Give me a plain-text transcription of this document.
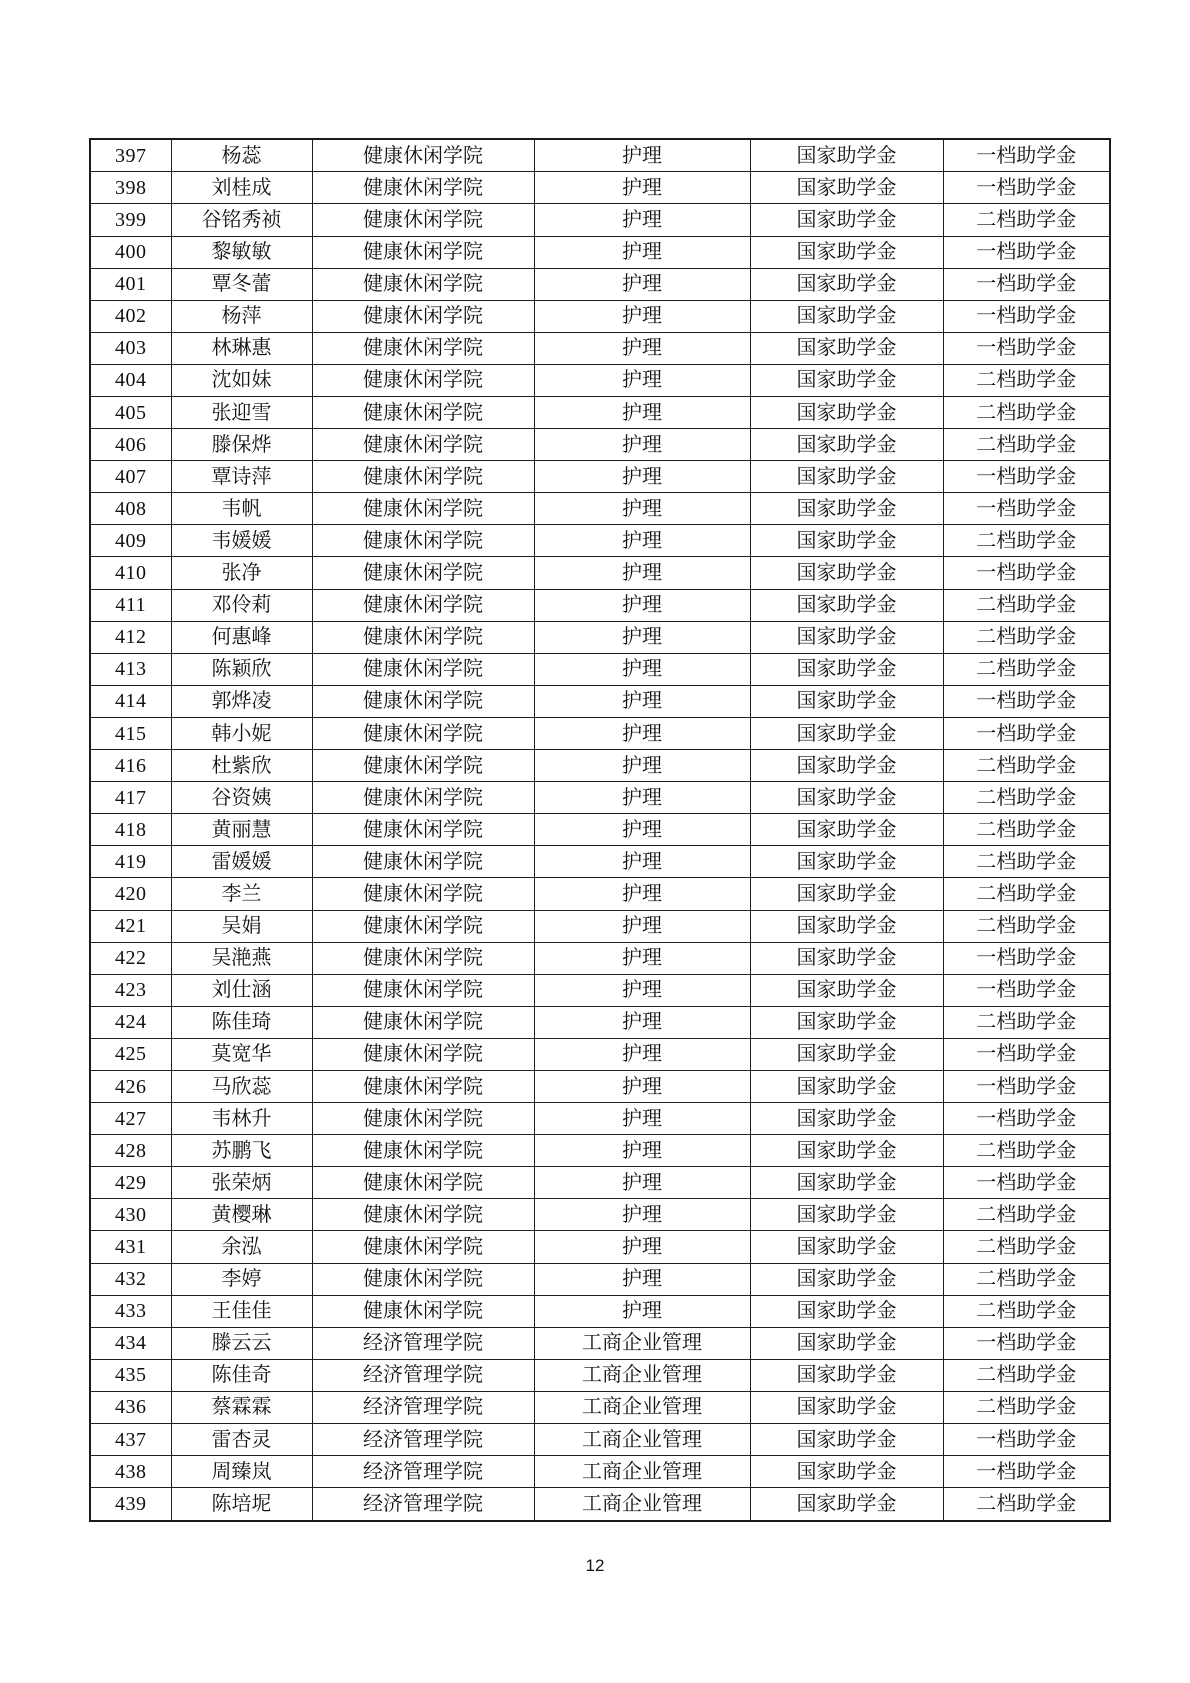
397	杨蕊	健康休闲学院	护理	国家助学金	一档助学金
398	刘桂成	健康休闲学院	护理	国家助学金	一档助学金
399	谷铭秀祯	健康休闲学院	护理	国家助学金	二档助学金
400	黎敏敏	健康休闲学院	护理	国家助学金	一档助学金
401	覃冬蕾	健康休闲学院	护理	国家助学金	一档助学金
402	杨萍	健康休闲学院	护理	国家助学金	一档助学金
403	林琳惠	健康休闲学院	护理	国家助学金	一档助学金
404	沈如妹	健康休闲学院	护理	国家助学金	二档助学金
405	张迎雪	健康休闲学院	护理	国家助学金	二档助学金
406	滕保烨	健康休闲学院	护理	国家助学金	二档助学金
407	覃诗萍	健康休闲学院	护理	国家助学金	一档助学金
408	韦帆	健康休闲学院	护理	国家助学金	一档助学金
409	韦媛媛	健康休闲学院	护理	国家助学金	二档助学金
410	张净	健康休闲学院	护理	国家助学金	一档助学金
411	邓伶莉	健康休闲学院	护理	国家助学金	二档助学金
412	何惠峰	健康休闲学院	护理	国家助学金	二档助学金
413	陈颖欣	健康休闲学院	护理	国家助学金	二档助学金
414	郭烨凌	健康休闲学院	护理	国家助学金	一档助学金
415	韩小妮	健康休闲学院	护理	国家助学金	一档助学金
416	杜紫欣	健康休闲学院	护理	国家助学金	二档助学金
417	谷资姨	健康休闲学院	护理	国家助学金	二档助学金
418	黄丽慧	健康休闲学院	护理	国家助学金	二档助学金
419	雷媛媛	健康休闲学院	护理	国家助学金	二档助学金
420	李兰	健康休闲学院	护理	国家助学金	二档助学金
421	吴娟	健康休闲学院	护理	国家助学金	二档助学金
422	吴滟燕	健康休闲学院	护理	国家助学金	一档助学金
423	刘仕涵	健康休闲学院	护理	国家助学金	一档助学金
424	陈佳琦	健康休闲学院	护理	国家助学金	二档助学金
425	莫宽华	健康休闲学院	护理	国家助学金	一档助学金
426	马欣蕊	健康休闲学院	护理	国家助学金	一档助学金
427	韦林升	健康休闲学院	护理	国家助学金	一档助学金
428	苏鹏飞	健康休闲学院	护理	国家助学金	二档助学金
429	张荣炳	健康休闲学院	护理	国家助学金	一档助学金
430	黄樱琳	健康休闲学院	护理	国家助学金	二档助学金
431	余泓	健康休闲学院	护理	国家助学金	二档助学金
432	李婷	健康休闲学院	护理	国家助学金	二档助学金
433	王佳佳	健康休闲学院	护理	国家助学金	二档助学金
434	滕云云	经济管理学院	工商企业管理	国家助学金	一档助学金
435	陈佳奇	经济管理学院	工商企业管理	国家助学金	二档助学金
436	蔡霖霖	经济管理学院	工商企业管理	国家助学金	二档助学金
437	雷杏灵	经济管理学院	工商企业管理	国家助学金	一档助学金
438	周臻岚	经济管理学院	工商企业管理	国家助学金	一档助学金
439	陈培坭	经济管理学院	工商企业管理	国家助学金	二档助学金
12
